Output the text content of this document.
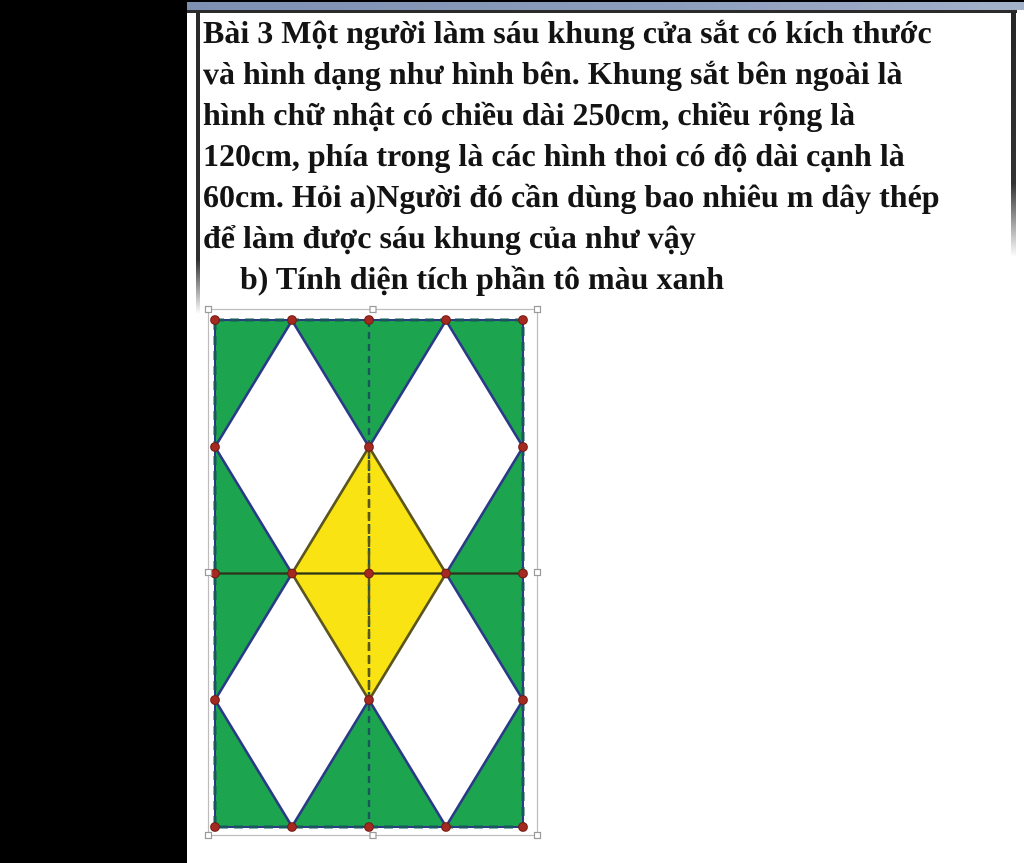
Bài 3 Một người làm sáu khung cửa sắt có kích thước
và hình dạng như hình bên. Khung sắt bên ngoài là
hình chữ nhật có chiều dài 250cm, chiều rộng là
120cm, phía trong là các hình thoi có độ dài cạnh là
60cm. Hỏi a)Người đó cần dùng bao nhiêu m dây thép
để làm được sáu khung của như vậy
b) Tính diện tích phần tô màu xanh
